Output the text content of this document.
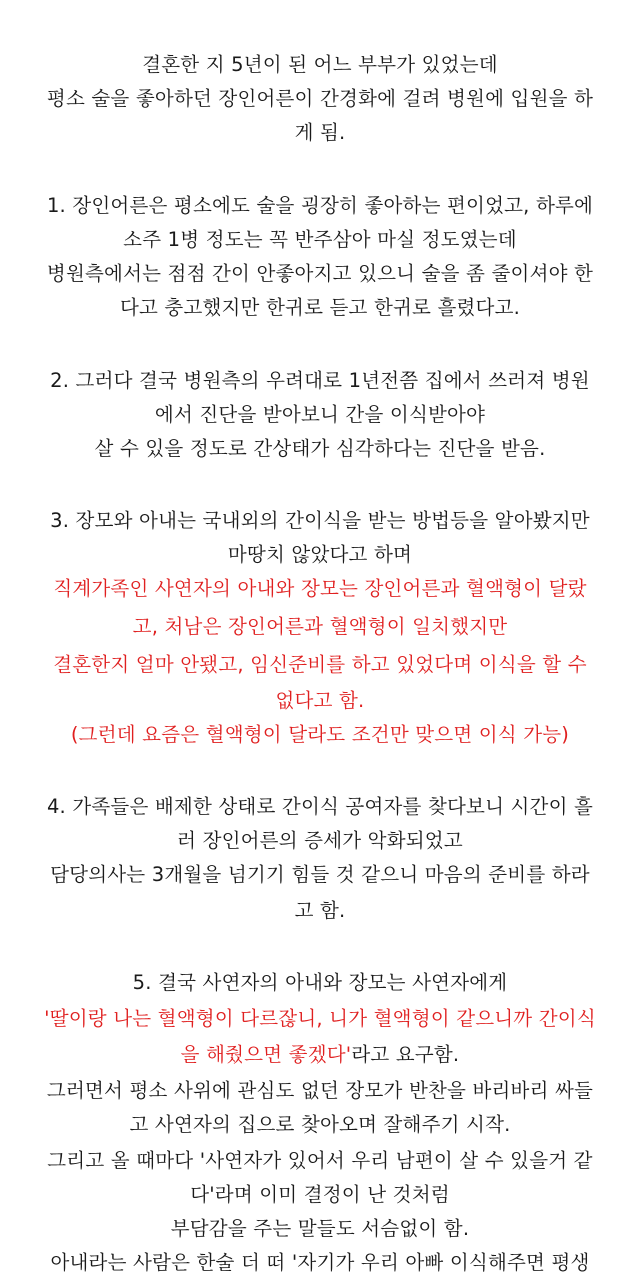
결혼한 지 5년이 된 어느 부부가 있었는데
평소 술을 좋아하던 장인어른이 간경화에 걸려 병원에 입원을 하
게 됨.
1. 장인어른은 평소에도 술을 굉장히 좋아하는 편이었고, 하루에
소주 1병 정도는 꼭 반주삼아 마실 정도였는데
병원측에서는 점점 간이 안좋아지고 있으니 술을 좀 줄이셔야 한
다고 충고했지만 한귀로 듣고 한귀로 흘렸다고.
2. 그러다 결국 병원측의 우려대로 1년전쯤 집에서 쓰러져 병원
에서 진단을 받아보니 간을 이식받아야
살 수 있을 정도로 간상태가 심각하다는 진단을 받음.
3. 장모와 아내는 국내외의 간이식을 받는 방법등을 알아봤지만
마땅치 않았다고 하며
직계가족인 사연자의 아내와 장모는 장인어른과 혈액형이 달랐
고, 처남은 장인어른과 혈액형이 일치했지만
결혼한지 얼마 안됐고, 임신준비를 하고 있었다며 이식을 할 수
없다고 함.
(그런데 요즘은 혈액형이 달라도 조건만 맞으면 이식 가능)
4. 가족들은 배제한 상태로 간이식 공여자를 찾다보니 시간이 흘
러 장인어른의 증세가 악화되었고
담당의사는 3개월을 넘기기 힘들 것 같으니 마음의 준비를 하라
고 함.
5. 결국 사연자의 아내와 장모는 사연자에게
'딸이랑 나는 혈액형이 다르잖니, 니가 혈액형이 같으니까 간이식
을 해줬으면 좋겠다'라고 요구함.
그러면서 평소 사위에 관심도 없던 장모가 반찬을 바리바리 싸들
고 사연자의 집으로 찾아오며 잘해주기 시작.
그리고 올 때마다 '사연자가 있어서 우리 남편이 살 수 있을거 같
다'라며 이미 결정이 난 것처럼
부담감을 주는 말들도 서슴없이 함.
아내라는 사람은 한술 더 떠 '자기가 우리 아빠 이식해주면 평생
